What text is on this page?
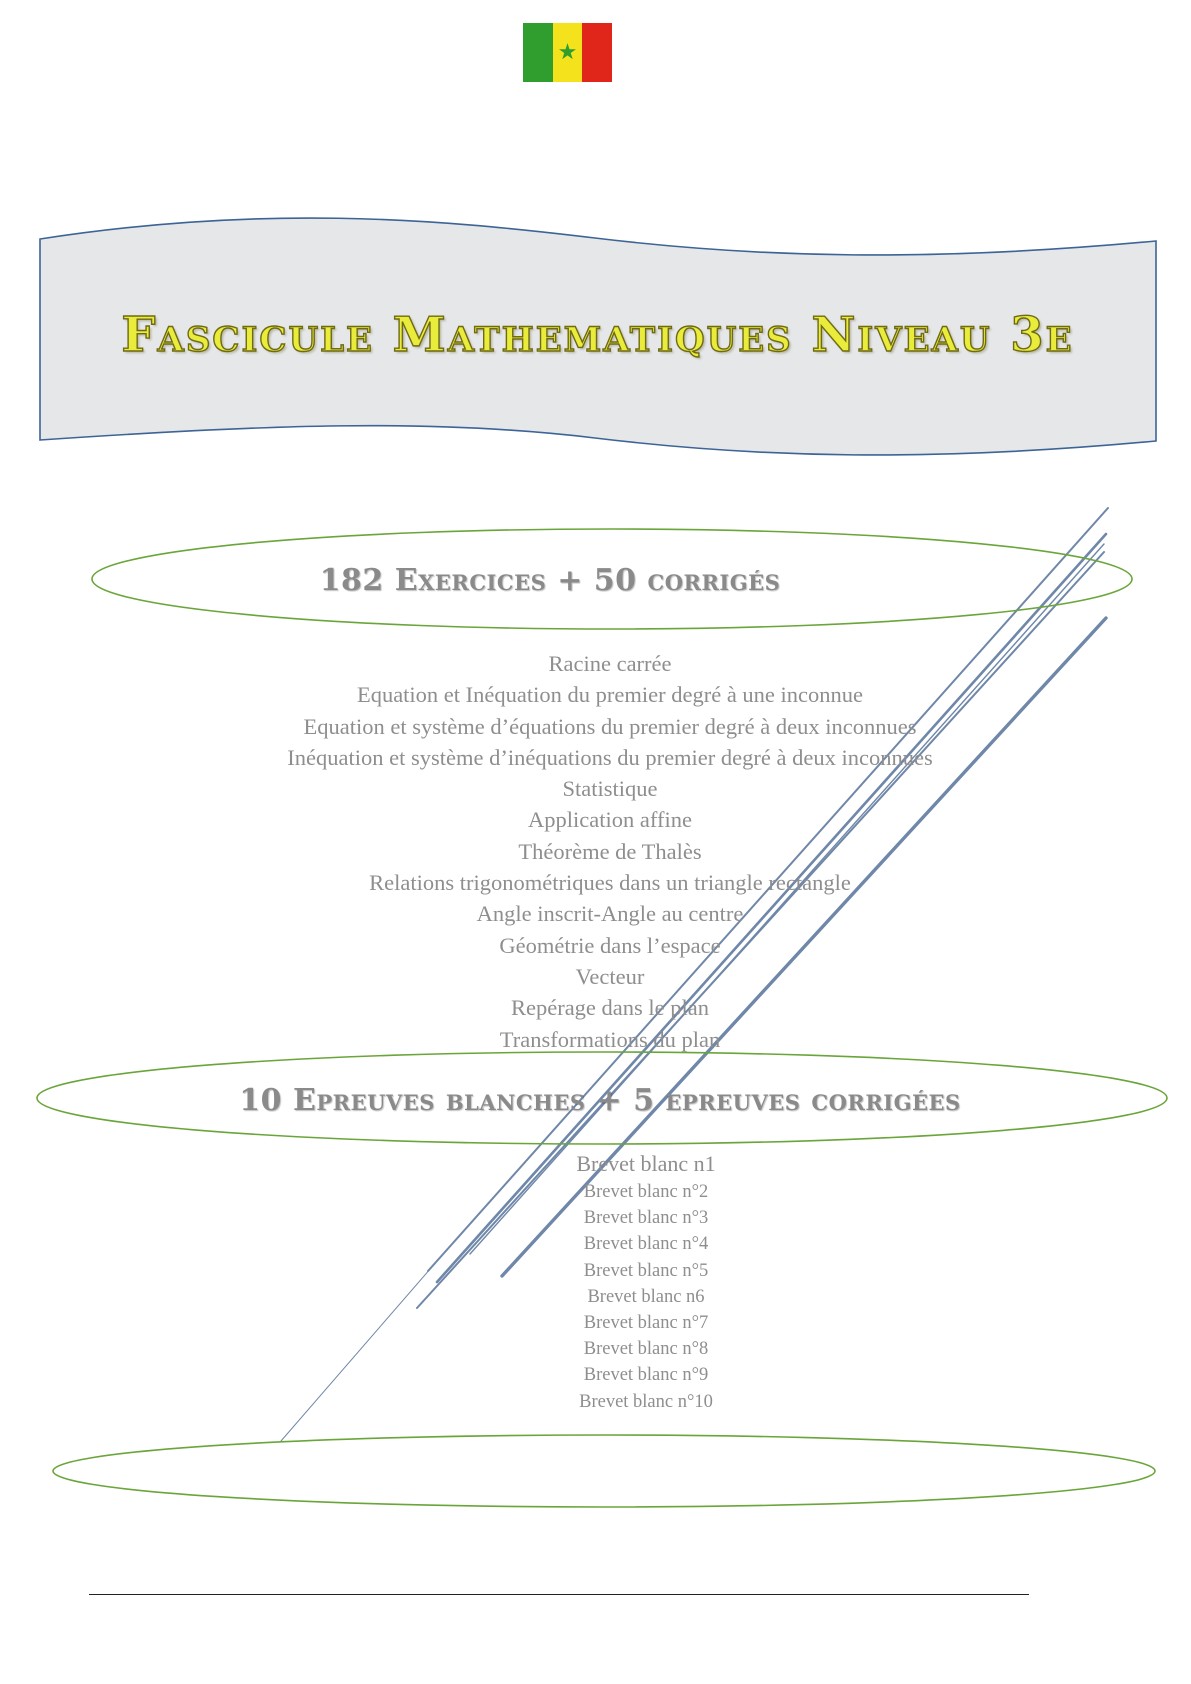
★
Fascicule Mathematiques Niveau 3e
182 Exercices + 50 corrigés
Racine carrée
Equation et Inéquation du premier degré à une inconnue
Equation et système d’équations du premier degré à deux inconnues
Inéquation et système d’inéquations du premier degré à deux inconnues
Statistique
Application affine
Théorème de Thalès
Relations trigonométriques dans un triangle rectangle
Angle inscrit-Angle au centre
Géométrie dans l’espace
Vecteur
Repérage dans le plan
Transformations du plan
10 Epreuves blanches + 5 epreuves corrigées
Brevet blanc n1
Brevet blanc n°2
Brevet blanc n°3
Brevet blanc n°4
Brevet blanc n°5
Brevet blanc n6
Brevet blanc n°7
Brevet blanc n°8
Brevet blanc n°9
Brevet blanc n°10
